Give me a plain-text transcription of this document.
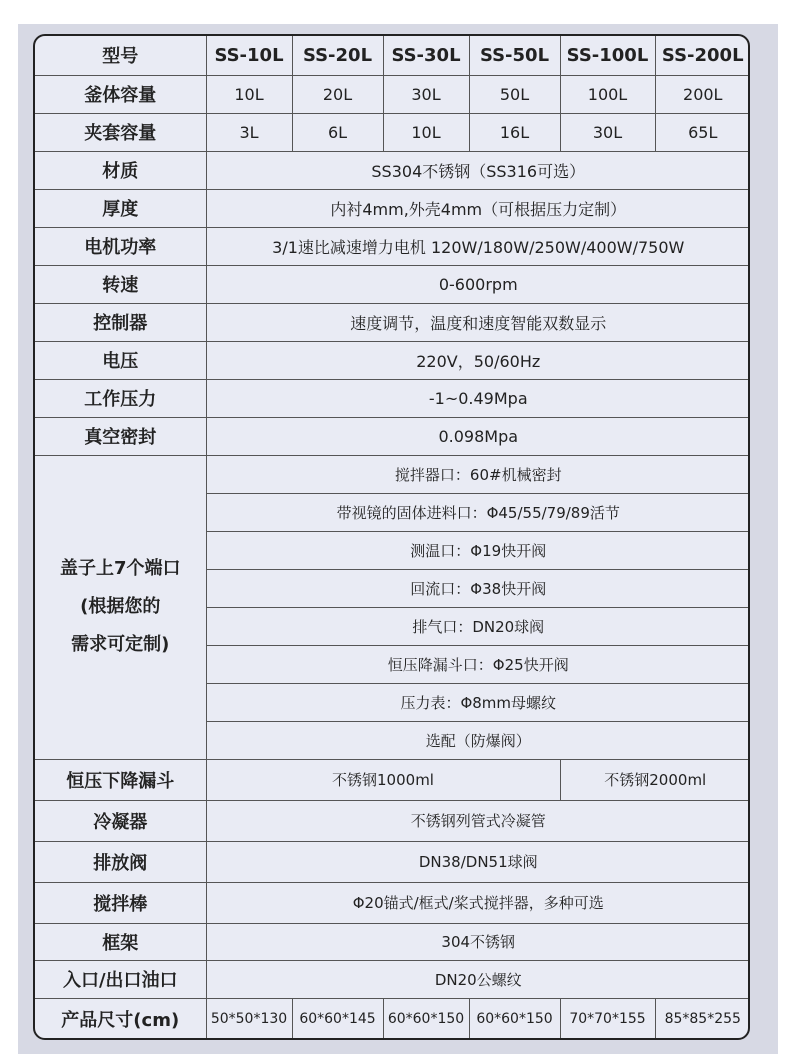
型号	SS-10L	SS-20L	SS-30L	SS-50L	SS-100L	SS-200L
釜体容量	10L	20L	30L	50L	100L	200L
夹套容量	3L	6L	10L	16L	30L	65L
材质	SS304不锈钢（SS316可选）					
厚度	内衬4mm,外壳4mm（可根据压力定制）					
电机功率	3/1速比减速增力电机 120W/180W/250W/400W/750W					
转速	0-600rpm					
控制器	速度调节，温度和速度智能双数显示					
电压	220V，50/60Hz					
工作压力	-1~0.49Mpa					
真空密封	0.098Mpa					

盖子上7个端口
(根据您的
需求可定制)	搅拌器口：60#机械密封					
	带视镜的固体进料口：Φ45/55/79/89活节					
	测温口：Φ19快开阀					
	回流口：Φ38快开阀					
	排气口：DN20球阀					
	恒压降漏斗口：Φ25快开阀					
	压力表：Φ8mm母螺纹					
	选配（防爆阀）					
恒压下降漏斗	不锈钢1000ml				不锈钢2000ml	
冷凝器	不锈钢列管式冷凝管					
排放阀	DN38/DN51球阀					
搅拌棒	Φ20锚式/框式/桨式搅拌器，多种可选					
框架	304不锈钢					
入口/出口油口	DN20公螺纹					
产品尺寸(cm)	50*50*130	60*60*145	60*60*150	60*60*150	70*70*155	85*85*255
